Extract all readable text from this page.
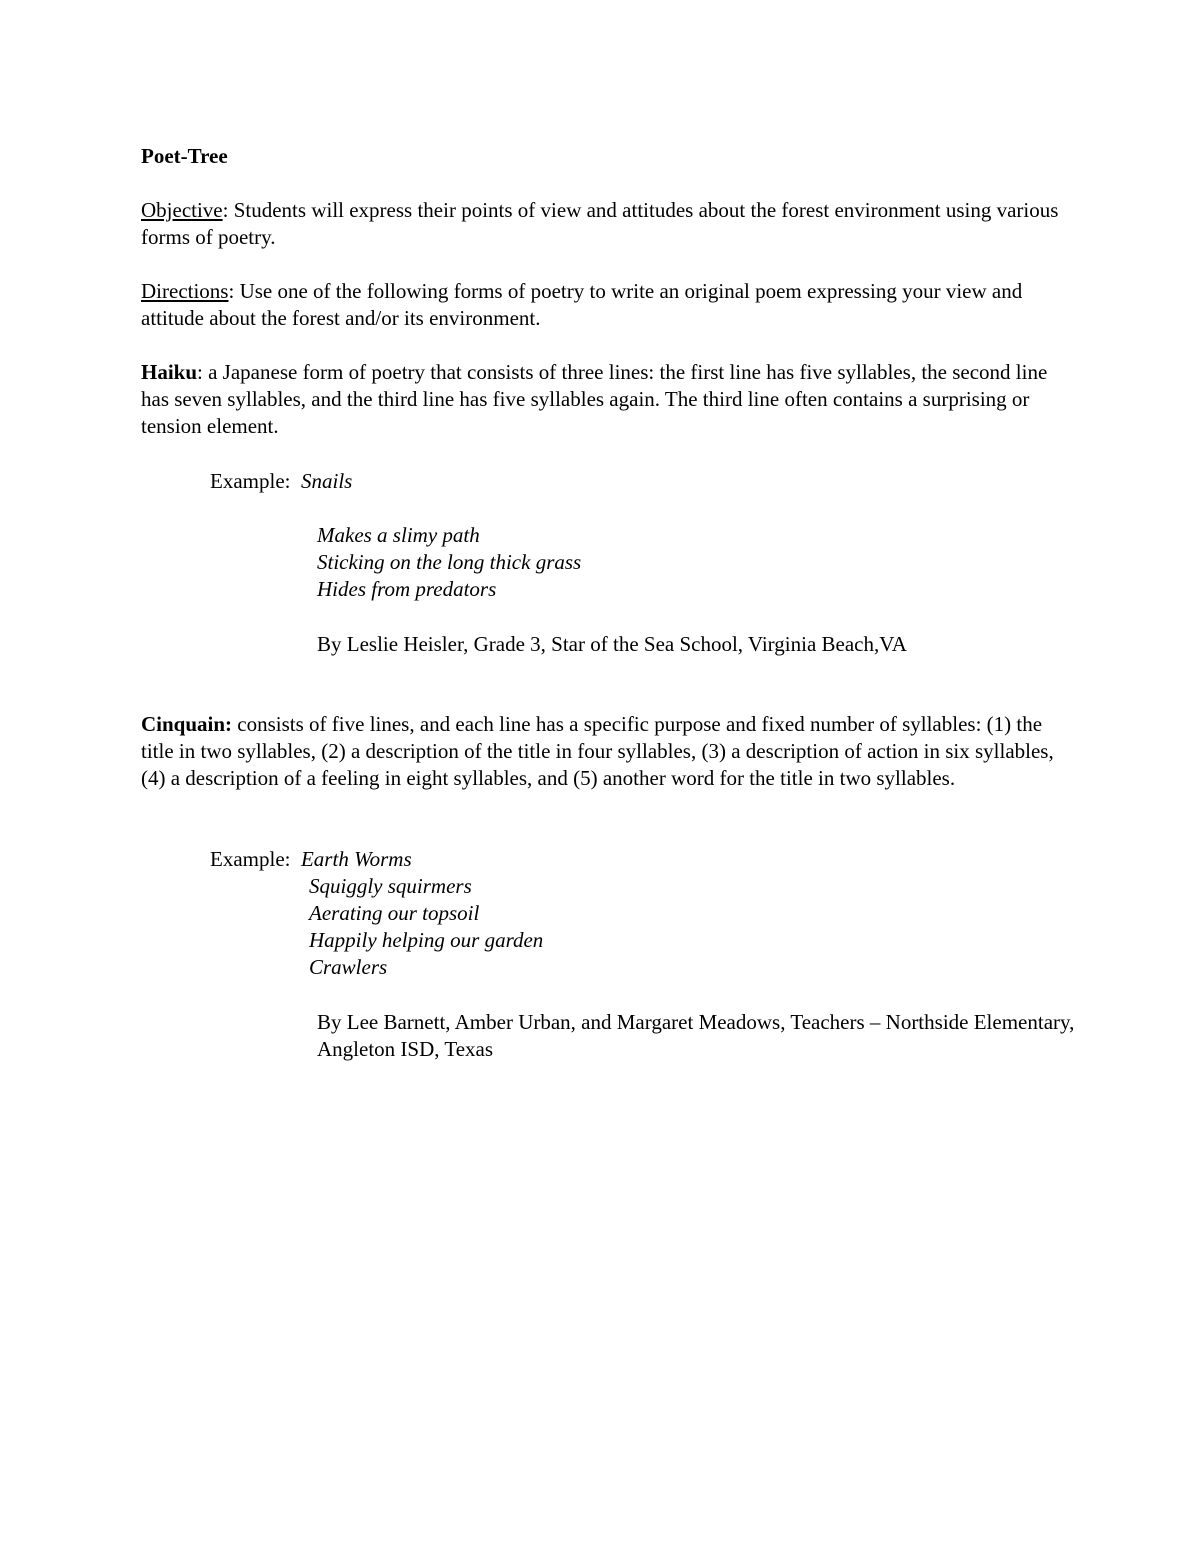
Poet-Tree
Objective: Students will express their points of view and attitudes about the forest environment using various forms of poetry.
Directions: Use one of the following forms of poetry to write an original poem expressing your view and attitude about the forest and/or its environment.
Haiku: a Japanese form of poetry that consists of three lines: the first line has five syllables, the second line has seven syllables, and the third line has five syllables again. The third line often contains a surprising or tension element.
Example: Snails
Makes a slimy path
Sticking on the long thick grass
Hides from predators
By Leslie Heisler, Grade 3, Star of the Sea School, Virginia Beach,VA
Cinquain: consists of five lines, and each line has a specific purpose and fixed number of syllables: (1) the title in two syllables, (2) a description of the title in four syllables, (3) a description of action in six syllables, (4) a description of a feeling in eight syllables, and (5) another word for the title in two syllables.
Example: Earth Worms
Squiggly squirmers
Aerating our topsoil
Happily helping our garden
Crawlers
By Lee Barnett, Amber Urban, and Margaret Meadows, Teachers – Northside Elementary, Angleton ISD, Texas
